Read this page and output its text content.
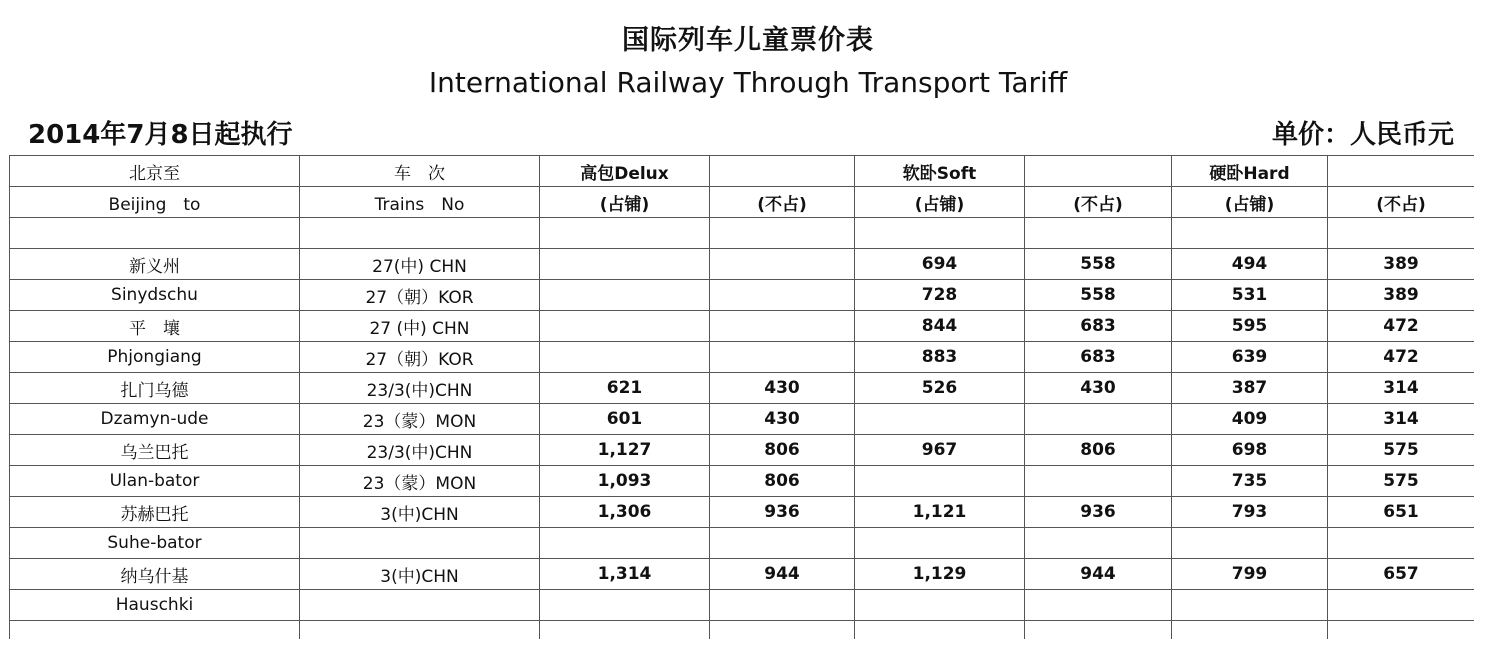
国际列车儿童票价表
International Railway Through Transport Tariff
2014年7月8日起执行	单价：人民币元
北京至	车　次	高包Delux		软卧Soft		硬卧Hard	
Beijing　to	Trains　No	(占铺)	(不占)	(占铺)	(不占)	(占铺)	(不占)

新义州	27(中) CHN			694	558	494	389
Sinydschu	27（朝）KOR			728	558	531	389
平　壤	27 (中) CHN			844	683	595	472
Phjongiang	27（朝）KOR			883	683	639	472
扎门乌德	23/3(中)CHN	621	430	526	430	387	314
Dzamyn-ude	23（蒙）MON	601	430			409	314
乌兰巴托	23/3(中)CHN	1,127	806	967	806	698	575
Ulan-bator	23（蒙）MON	1,093	806			735	575
苏赫巴托	3(中)CHN	1,306	936	1,121	936	793	651
Suhe-bator							
纳乌什基	3(中)CHN	1,314	944	1,129	944	799	657
Hauschki							
